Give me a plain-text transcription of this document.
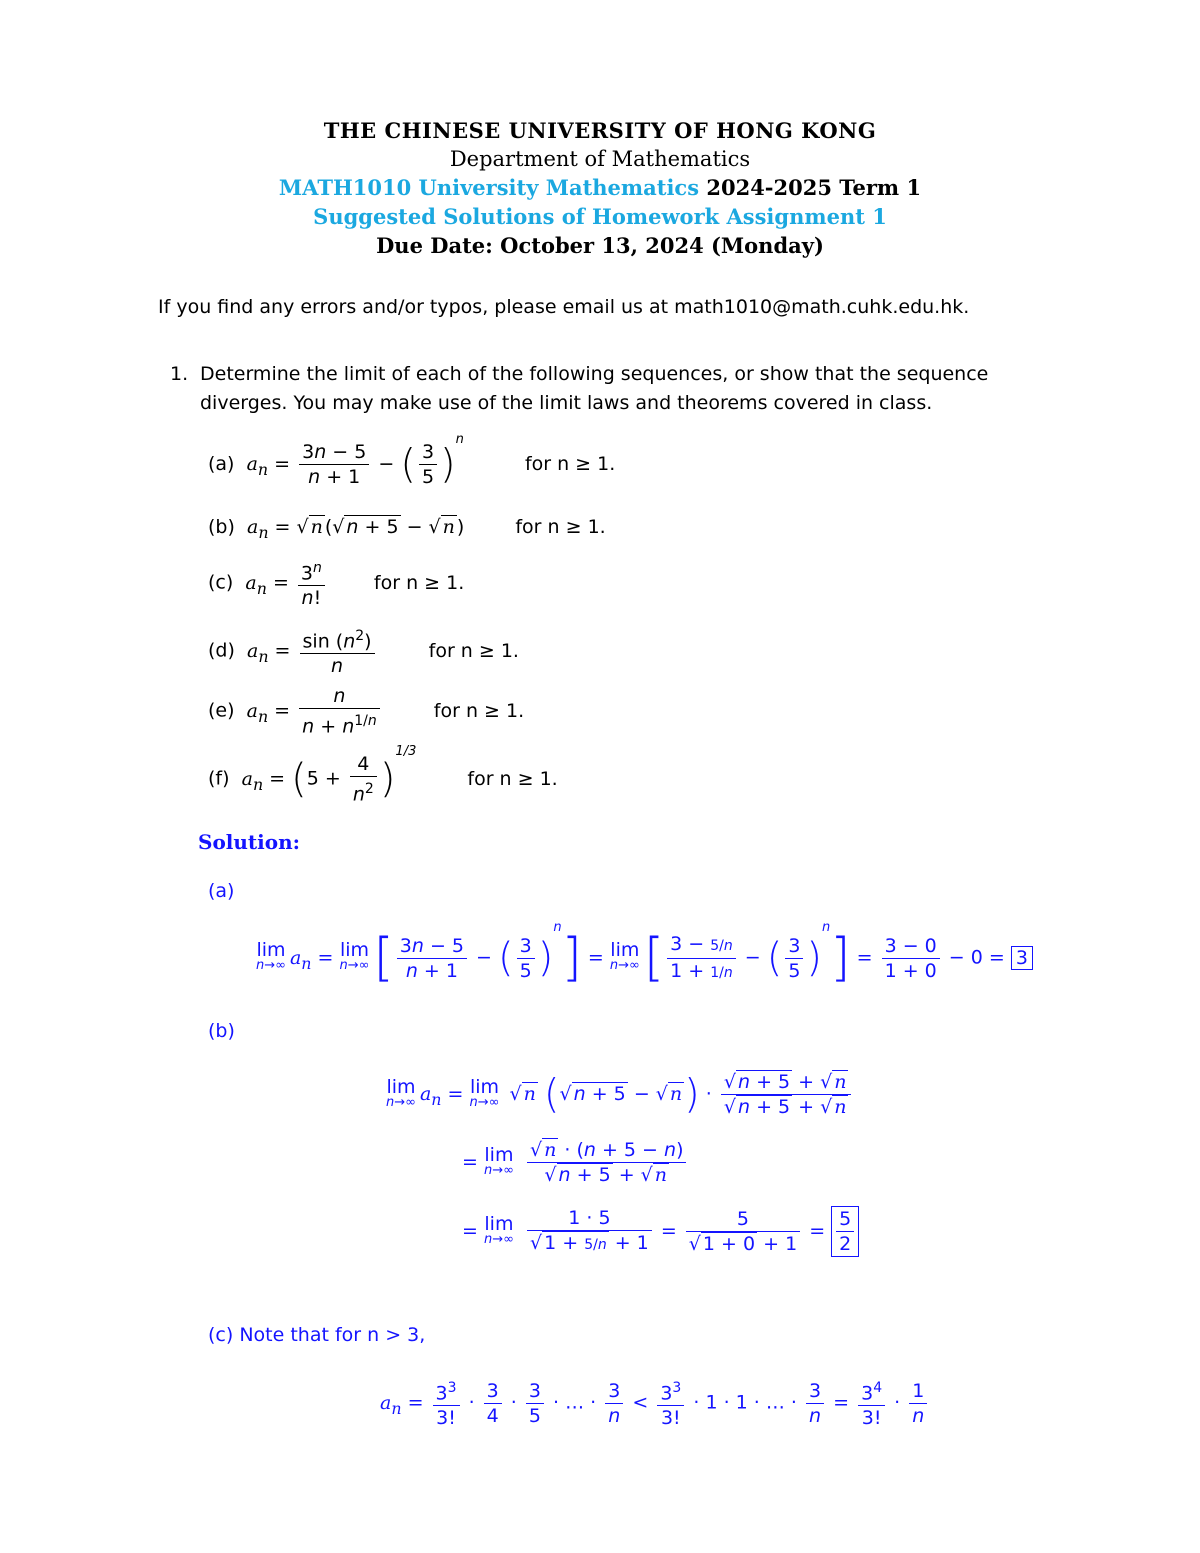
THE CHINESE UNIVERSITY OF HONG KONG
Department of Mathematics
MATH1010 University Mathematics 2024-2025 Term 1
Suggested Solutions of Homework Assignment 1
Due Date: October 13, 2024 (Monday)
If you find any errors and/or typos, please email us at math1010@math.cuhk.edu.hk.
1. Determine the limit of each of the following sequences, or show that the sequence diverges. You may make use of the limit laws and theorems covered in class.
(a) $a_n = \frac{3n - 5}{n + 1}$ − ( $\frac{3}{5} )^n$ for n ≥ 1.
(b) $a_n$ = √ n (√ n + 5 − √ n ) for n ≥ 1.
(c) $a_n = \frac{3^n}{n!}$	for n ≥ 1.
(d) $a_n = \frac{\sin (n^2)}{n}$	for n ≥ 1.
(e) $a_n = \frac{n}{n + n^{1/n}}$	for n ≥ 1.
(f) $a_n = (5 + \frac{4}{n^2} )^{1/3}$ for n ≥ 1.
Solution:
(a)
lim
n→∞ $a_n = \lim$
n→∞ [ $\frac{3n - 5}{n + 1}$ − ( $\frac{3}{5} )^n] = \lim$
n→∞ [ $\frac{3 - 5/n}{1 + 1/n}$ − ( $\frac{3}{5} )^n] = \frac{3 - 0}{1 + 0} - 0 = 3$
(b)
lim
n→∞ $a_n = \lim$
n→∞ √ n (√ n + 5 − √ $n) \cdot \frac{√ n + 5 + √ n}{√ n + 5 + √ n}$
= lim
n→∞
$\frac{√ n \cdot (n + 5 - n)}{√ n + 5 + √ n}$
= lim
n→∞
$\frac{1 \cdot 5}{√ 1 + 5/n + 1} = \frac{5}{√ 1 + 0 + 1} = \frac{5}{2}$
(c) Note that for n > 3,
$a_n = \frac{3^3}{3!} \cdot \frac{3}{4} \cdot \frac{3}{5}$ · … · $\frac{3}{n} < \frac{3^3}{3!} \cdot 1 \cdot 1$ · … · $\frac{3}{n} = \frac{3^4}{3!} \cdot \frac{1}{n}$
